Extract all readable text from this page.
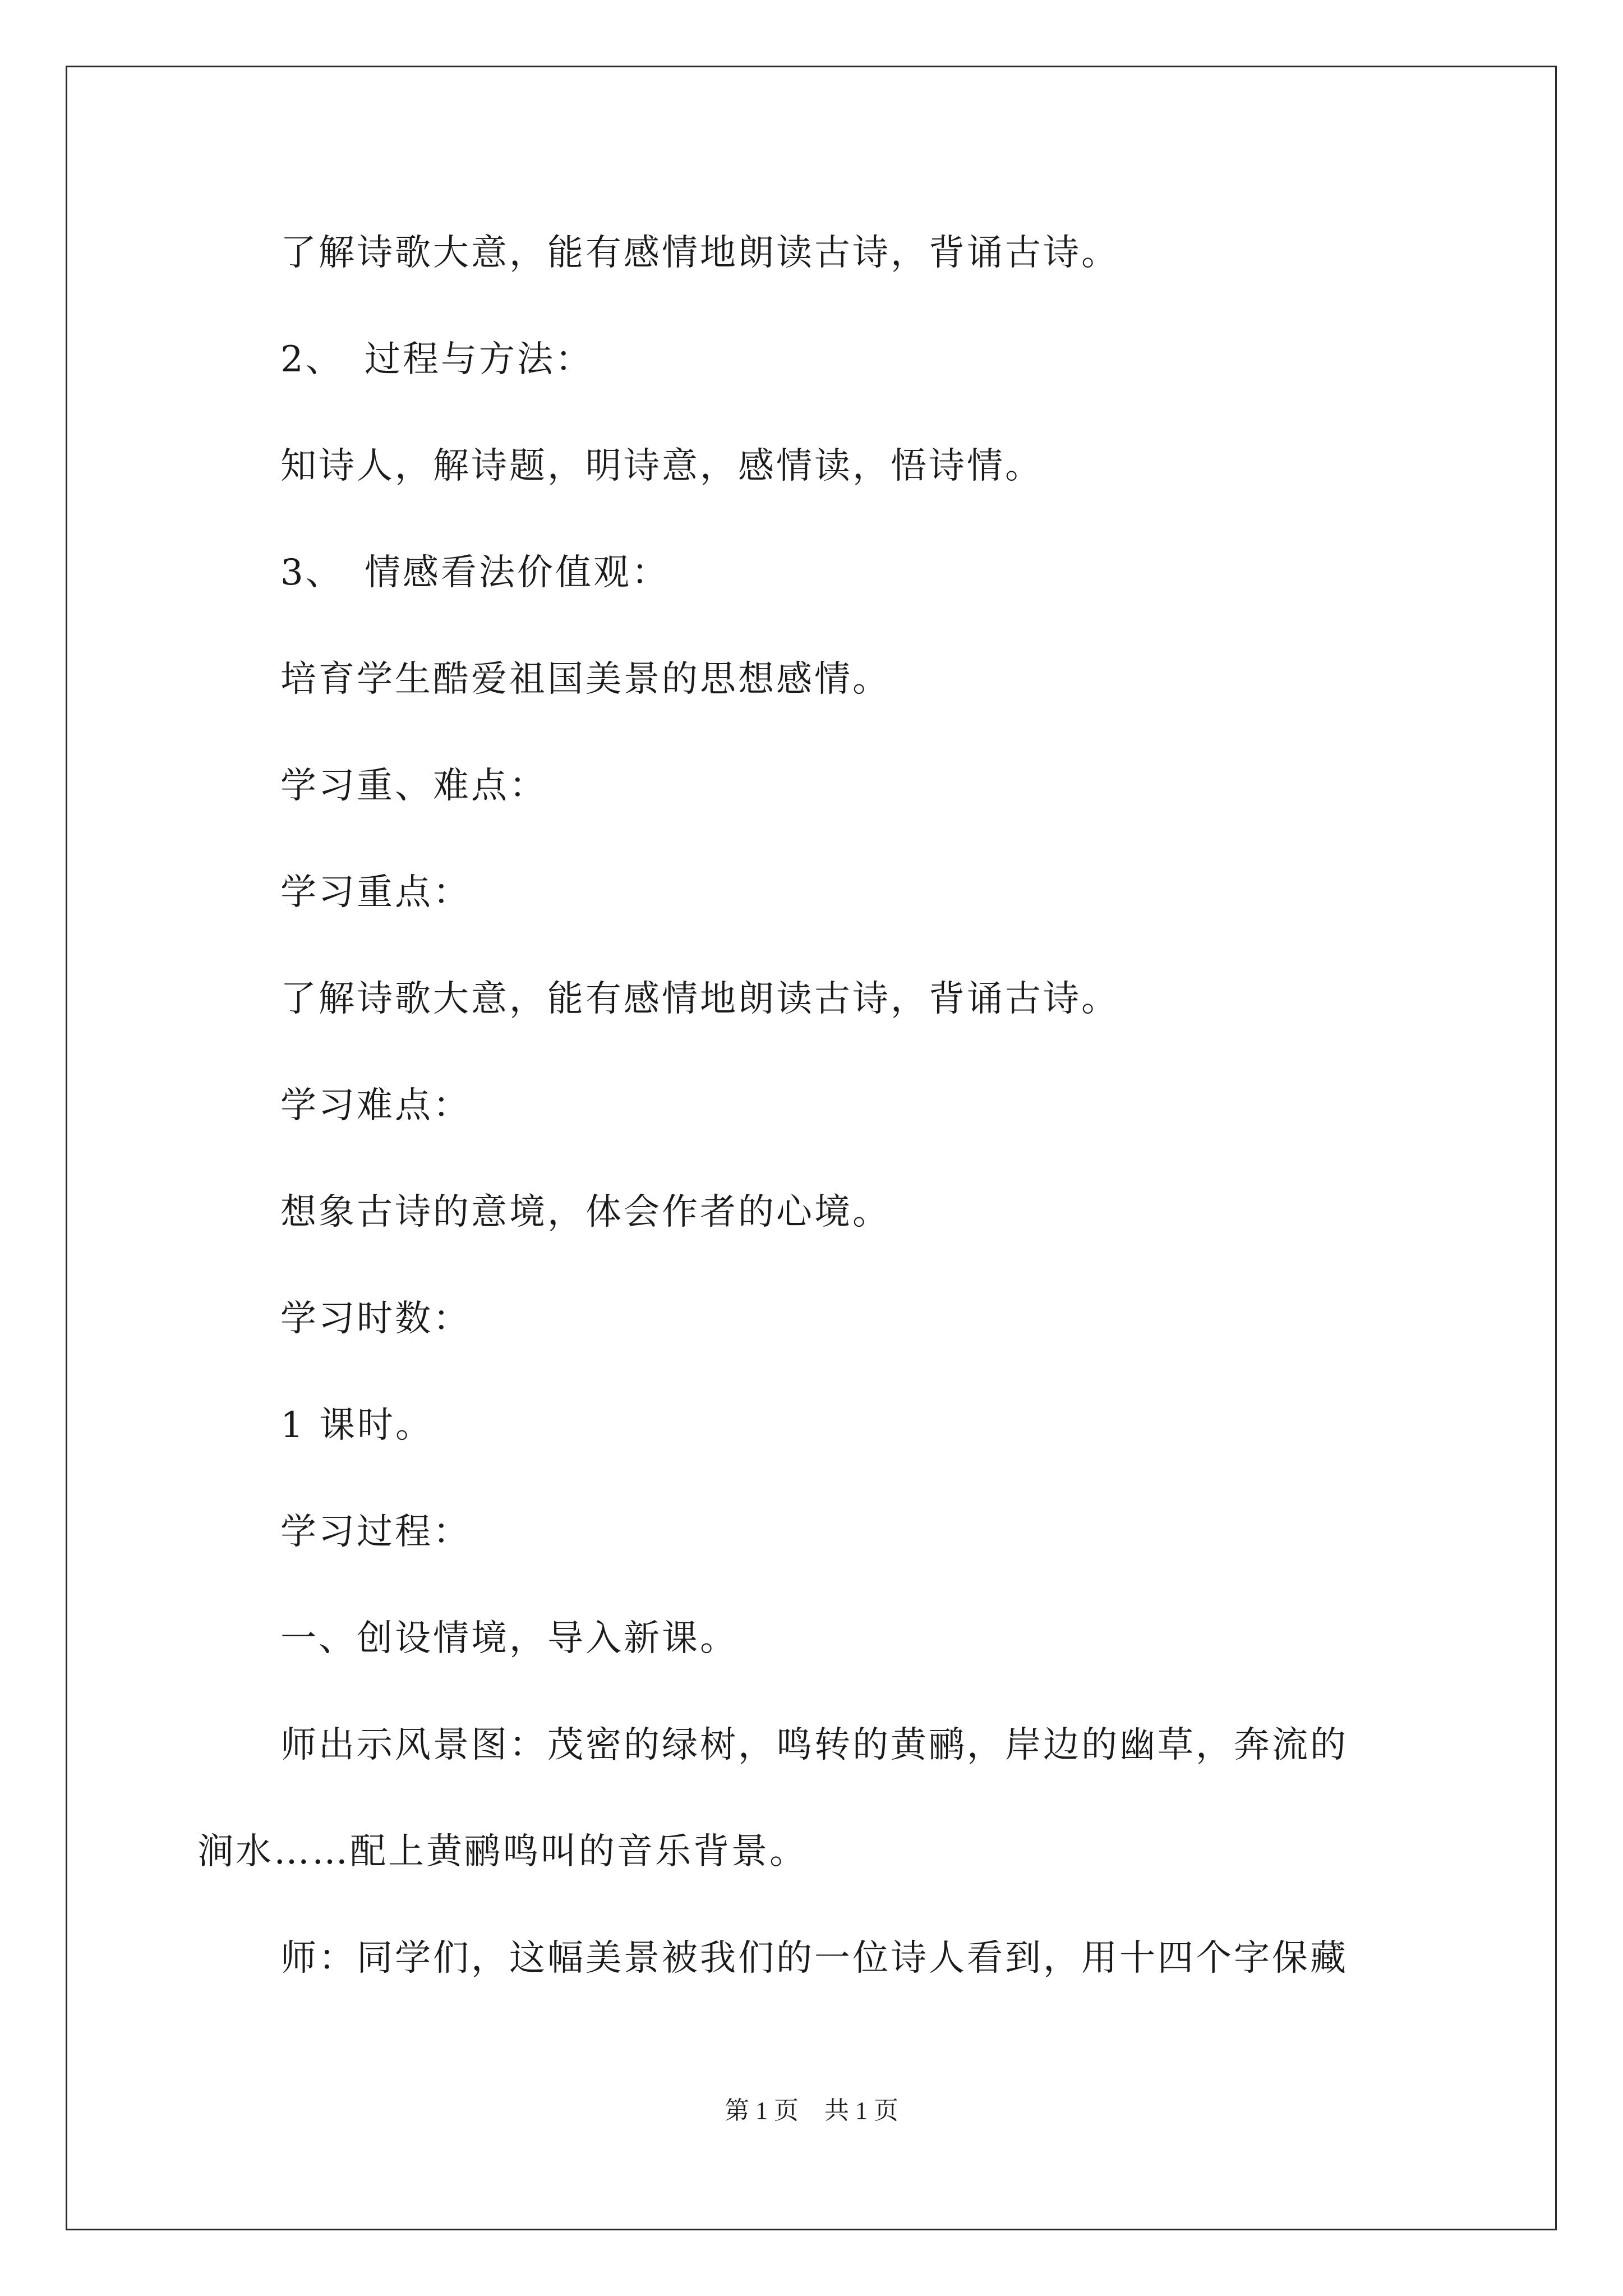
了解诗歌大意，能有感情地朗读古诗，背诵古诗。
2、 过程与方法：
知诗人，解诗题，明诗意，感情读，悟诗情。
3、 情感看法价值观：
培育学生酷爱祖国美景的思想感情。
学习重、难点：
学习重点：
了解诗歌大意，能有感情地朗读古诗，背诵古诗。
学习难点：
想象古诗的意境，体会作者的心境。
学习时数：
1 课时。
学习过程：
一、创设情境，导入新课。
师出示风景图：茂密的绿树，鸣转的黄鹂，岸边的幽草，奔流的
涧水……配上黄鹂鸣叫的音乐背景。
师：同学们，这幅美景被我们的一位诗人看到，用十四个字保藏
第 1 页 共 1 页
